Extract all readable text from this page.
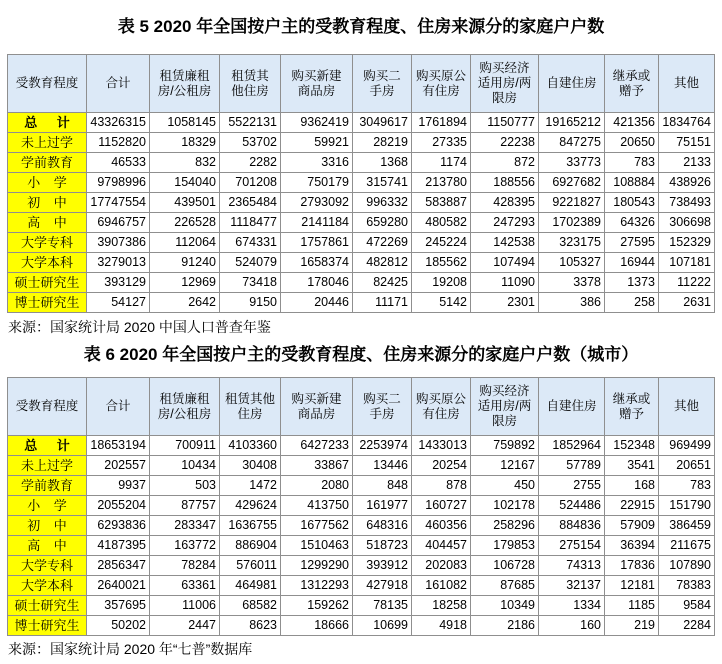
表 5 2020 年全国按户主的受教育程度、住房来源分的家庭户户数
受教育程度	合计	租赁廉租房/公租房	租赁其他住房	购买新建商品房	购买二手房	购买原公有住房	购买经济适用房/两限房	自建住房	继承或赠予	其他
总 计	43326315	1058145	5522131	9362419	3049617	1761894	1150777	19165212	421356	1834764
未上过学	1152820	18329	53702	59921	28219	27335	22238	847275	20650	75151
学前教育	46533	832	2282	3316	1368	1174	872	33773	783	2133
小 学	9798996	154040	701208	750179	315741	213780	188556	6927682	108884	438926
初 中	17747554	439501	2365484	2793092	996332	583887	428395	9221827	180543	738493
高 中	6946757	226528	1118477	2141184	659280	480582	247293	1702389	64326	306698
大学专科	3907386	112064	674331	1757861	472269	245224	142538	323175	27595	152329
大学本科	3279013	91240	524079	1658374	482812	185562	107494	105327	16944	107181
硕士研究生	393129	12969	73418	178046	82425	19208	11090	3378	1373	11222
博士研究生	54127	2642	9150	20446	11171	5142	2301	386	258	2631
来源：国家统计局 2020 中国人口普查年鉴
表 6 2020 年全国按户主的受教育程度、住房来源分的家庭户户数（城市）
受教育程度	合计	租赁廉租房/公租房	租赁其他住房	购买新建商品房	购买二手房	购买原公有住房	购买经济适用房/两限房	自建住房	继承或赠予	其他
总 计	18653194	700911	4103360	6427233	2253974	1433013	759892	1852964	152348	969499
未上过学	202557	10434	30408	33867	13446	20254	12167	57789	3541	20651
学前教育	9937	503	1472	2080	848	878	450	2755	168	783
小 学	2055204	87757	429624	413750	161977	160727	102178	524486	22915	151790
初 中	6293836	283347	1636755	1677562	648316	460356	258296	884836	57909	386459
高 中	4187395	163772	886904	1510463	518723	404457	179853	275154	36394	211675
大学专科	2856347	78284	576011	1299290	393912	202083	106728	74313	17836	107890
大学本科	2640021	63361	464981	1312293	427918	161082	87685	32137	12181	78383
硕士研究生	357695	11006	68582	159262	78135	18258	10349	1334	1185	9584
博士研究生	50202	2447	8623	18666	10699	4918	2186	160	219	2284
来源：国家统计局 2020 年“七普”数据库
